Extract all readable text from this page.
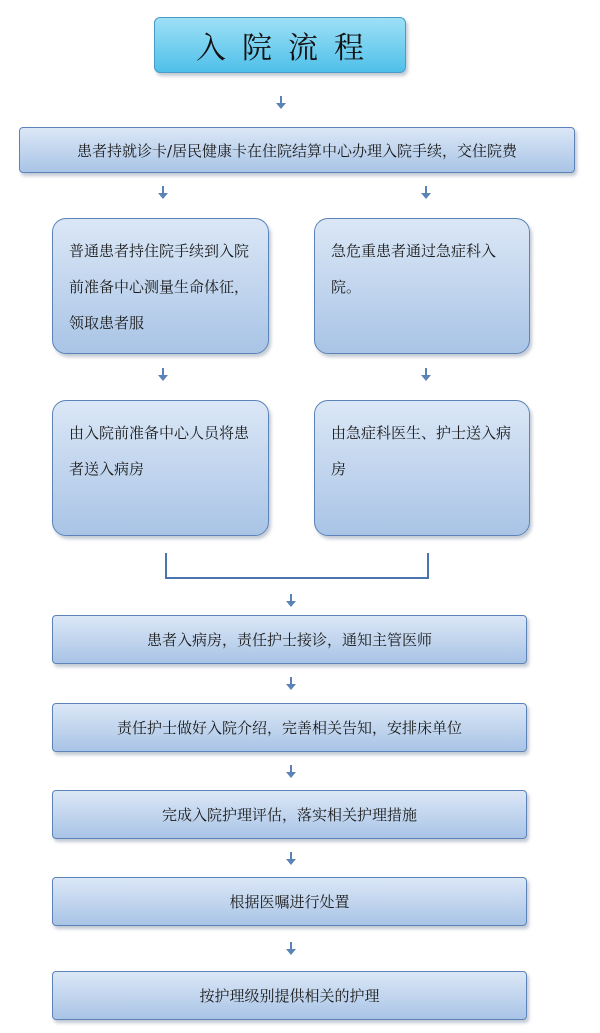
入院流程
患者持就诊卡/居民健康卡在住院结算中心办理入院手续，交住院费
普通患者持住院手续到入院前准备中心测量生命体征，领取患者服
急危重患者通过急症科入院。
由入院前准备中心人员将患者送入病房
由急症科医生、护士送入病房
患者入病房，责任护士接诊，通知主管医师
责任护士做好入院介绍，完善相关告知，安排床单位
完成入院护理评估，落实相关护理措施
根据医嘱进行处置
按护理级别提供相关的护理
